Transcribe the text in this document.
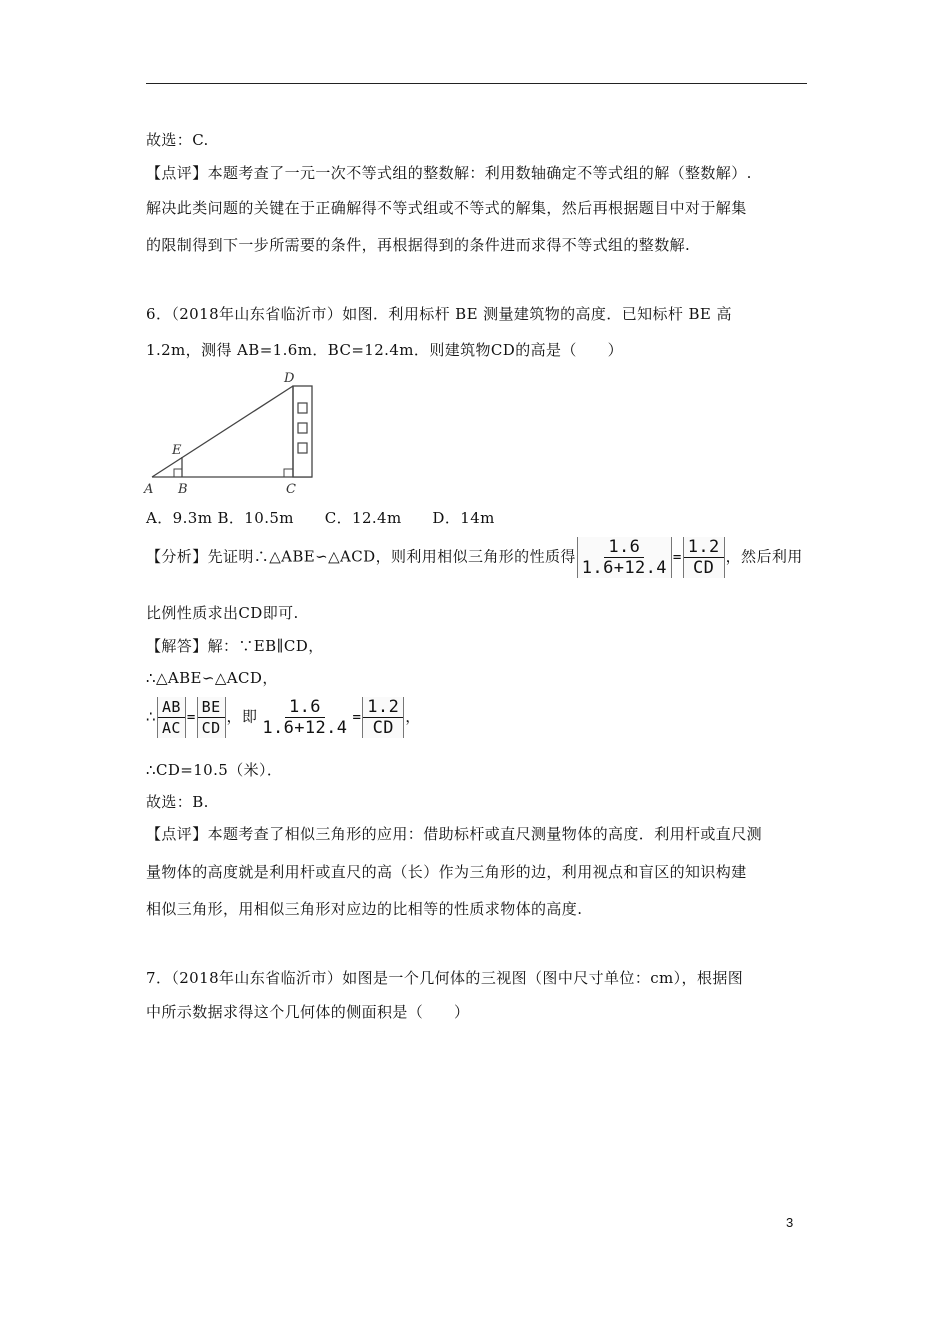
故选：C.
【点评】本题考查了一元一次不等式组的整数解：利用数轴确定不等式组的解（整数解）.
解决此类问题的关键在于正确解得不等式组或不等式的解集，然后再根据题目中对于解集
的限制得到下一步所需要的条件，再根据得到的条件进而求得不等式组的整数解.
6．（2018年山东省临沂市）如图．利用标杆 BE 测量建筑物的高度．已知标杆 BE 高
1.2m，测得 AB=1.6m．BC=12.4m．则建筑物CD的高是（　　）
A B	C
D
E
A．9.3m B．10.5m　　C．12.4m　　D．14m
【分析】先证明∴△ABE∽△ACD，则利用相似三角形的性质得 $\frac{1.6}{1.6+12.4} = \frac{1.2}{CD}$ ，然后利用
比例性质求出CD即可.
【解答】解：∵EB∥CD，
∴△ABE∽△ACD，
∴ $\frac{AB}{AC} = \frac{BE}{CD}$ ，即 $\frac{1.6}{1.6+12.4} = \frac{1.2}{CD}$ ，
∴CD=10.5（米）．
故选：B.
【点评】本题考查了相似三角形的应用：借助标杆或直尺测量物体的高度．利用杆或直尺测
量物体的高度就是利用杆或直尺的高（长）作为三角形的边，利用视点和盲区的知识构建
相似三角形，用相似三角形对应边的比相等的性质求物体的高度.
7．（2018年山东省临沂市）如图是一个几何体的三视图（图中尺寸单位：cm），根据图
中所示数据求得这个几何体的侧面积是（　　）
3
